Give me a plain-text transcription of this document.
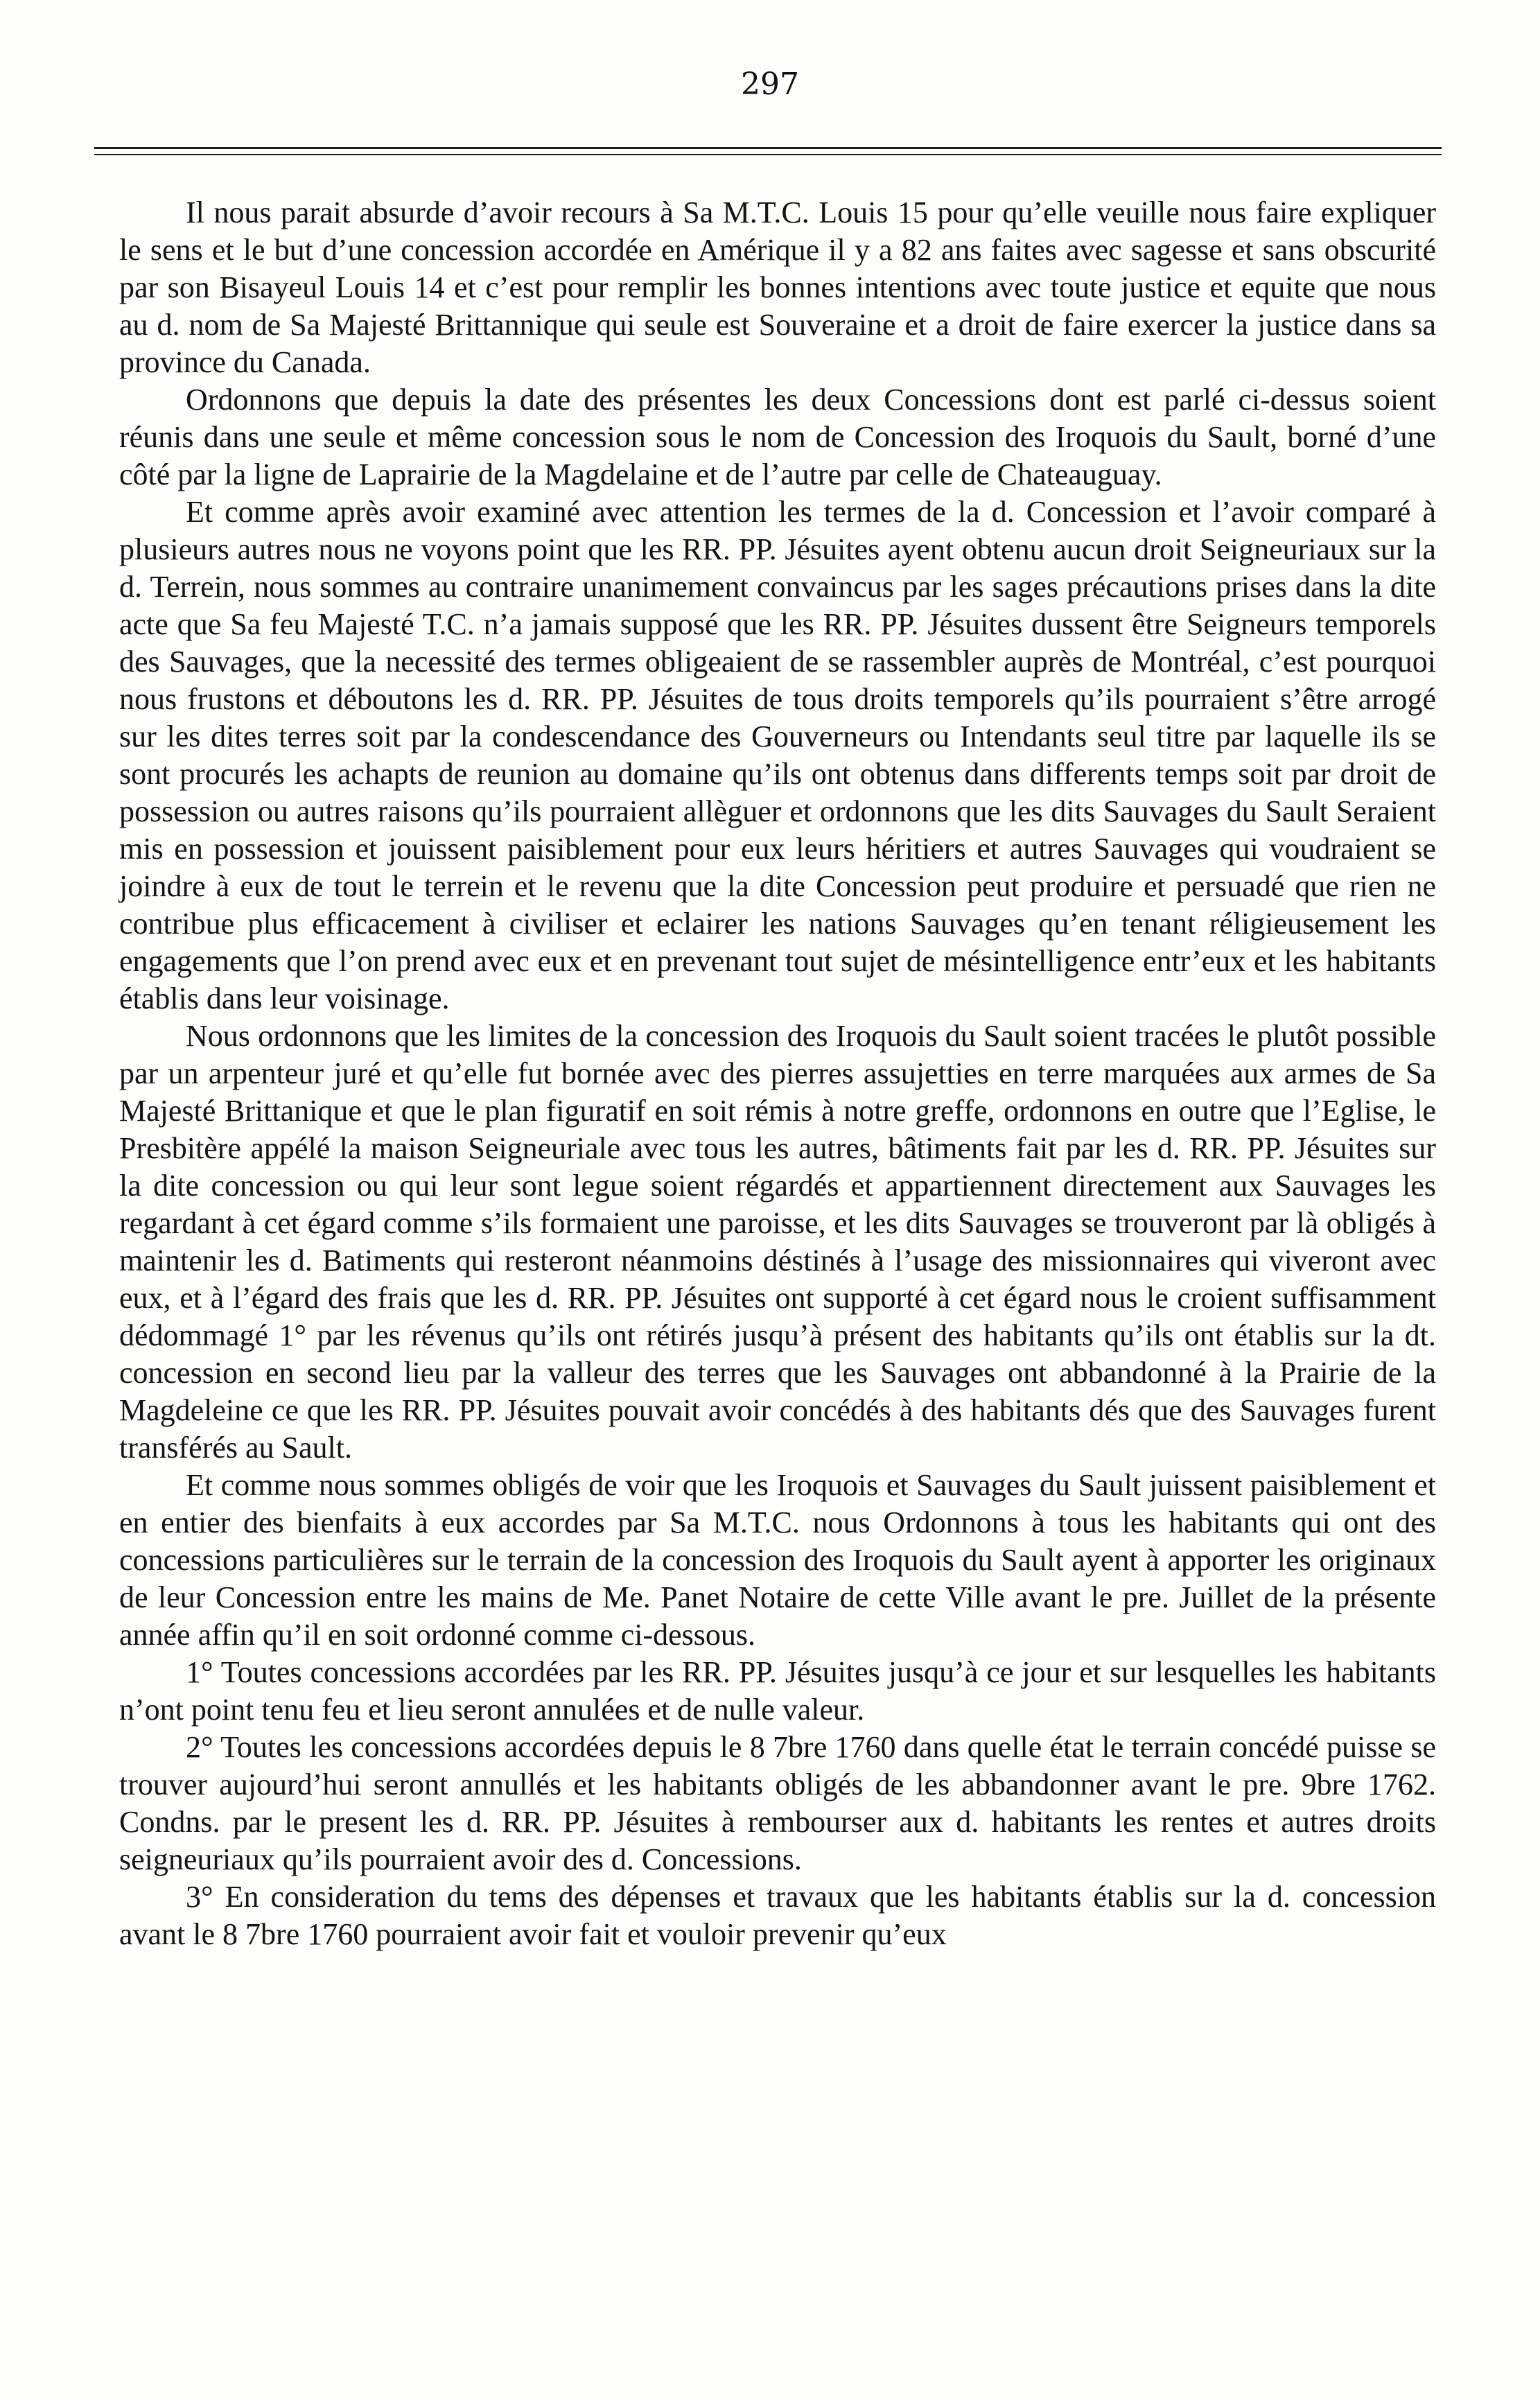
297

Il nous parait absurde d’avoir recours à Sa M.T.C. Louis 15 pour qu’elle veuille nous faire expliquer le sens et le but d’une concession accordée en Amérique il y a 82 ans faites avec sagesse et sans obscurité par son Bisayeul Louis 14 et c’est pour remplir les bonnes intentions avec toute justice et equite que nous au d. nom de Sa Majesté Brittannique qui seule est Souveraine et a droit de faire exercer la justice dans sa province du Canada.

Ordonnons que depuis la date des présentes les deux Concessions dont est parlé ci-dessus soient réunis dans une seule et même concession sous le nom de Concession des Iroquois du Sault, borné d’une côté par la ligne de Laprairie de la Magdelaine et de l’autre par celle de Chateauguay.

Et comme après avoir examiné avec attention les termes de la d. Concession et l’avoir comparé à plusieurs autres nous ne voyons point que les RR. PP. Jésuites ayent obtenu aucun droit Seigneuriaux sur la d. Terrein, nous sommes au contraire unanimement convaincus par les sages précautions prises dans la dite acte que Sa feu Majesté T.C. n’a jamais supposé que les RR. PP. Jésuites dussent être Seigneurs temporels des Sauvages, que la necessité des termes obligeaient de se rassembler auprès de Montréal, c’est pourquoi nous frustons et déboutons les d. RR. PP. Jésuites de tous droits temporels qu’ils pourraient s’être arrogé sur les dites terres soit par la condescendance des Gouverneurs ou Intendants seul titre par laquelle ils se sont procurés les achapts de reunion au domaine qu’ils ont obtenus dans differents temps soit par droit de possession ou autres raisons qu’ils pourraient allèguer et ordonnons que les dits Sauvages du Sault Seraient mis en possession et jouissent paisiblement pour eux leurs héritiers et autres Sauvages qui voudraient se joindre à eux de tout le terrein et le revenu que la dite Concession peut produire et persuadé que rien ne contribue plus efficacement à civiliser et eclairer les nations Sauvages qu’en tenant réligieusement les engagements que l’on prend avec eux et en prevenant tout sujet de mésintelligence entr’eux et les habitants établis dans leur voisinage.

Nous ordonnons que les limites de la concession des Iroquois du Sault soient tracées le plutôt possible par un arpenteur juré et qu’elle fut bornée avec des pierres assujetties en terre marquées aux armes de Sa Majesté Brittanique et que le plan figuratif en soit rémis à notre greffe, ordonnons en outre que l’Eglise, le Presbitère appélé la maison Seigneuriale avec tous les autres, bâtiments fait par les d. RR. PP. Jésuites sur la dite concession ou qui leur sont legue soient régardés et appartiennent directement aux Sauvages les regardant à cet égard comme s’ils formaient une paroisse, et les dits Sauvages se trouveront par là obligés à maintenir les d. Batiments qui resteront néanmoins déstinés à l’usage des missionnaires qui viveront avec eux, et à l’égard des frais que les d. RR. PP. Jésuites ont supporté à cet égard nous le croient suffisamment dédommagé 1° par les révenus qu’ils ont rétirés jusqu’à présent des habitants qu’ils ont établis sur la dt. concession en second lieu par la valleur des terres que les Sauvages ont abbandonné à la Prairie de la Magdeleine ce que les RR. PP. Jésuites pouvait avoir concédés à des habitants dés que des Sauvages furent transférés au Sault.

Et comme nous sommes obligés de voir que les Iroquois et Sauvages du Sault juissent paisiblement et en entier des bienfaits à eux accordes par Sa M.T.C. nous Ordonnons à tous les habitants qui ont des concessions particulières sur le terrain de la concession des Iroquois du Sault ayent à apporter les originaux de leur Concession entre les mains de Me. Panet Notaire de cette Ville avant le pre. Juillet de la présente année affin qu’il en soit ordonné comme ci-dessous.

1° Toutes concessions accordées par les RR. PP. Jésuites jusqu’à ce jour et sur lesquelles les habitants n’ont point tenu feu et lieu seront annulées et de nulle valeur.

2° Toutes les concessions accordées depuis le 8 7bre 1760 dans quelle état le terrain concédé puisse se trouver aujourd’hui seront annullés et les habitants obligés de les abbandonner avant le pre. 9bre 1762. Condns. par le present les d. RR. PP. Jésuites à rembourser aux d. habitants les rentes et autres droits seigneuriaux qu’ils pourraient avoir des d. Concessions.

3° En consideration du tems des dépenses et travaux que les habitants établis sur la d. concession avant le 8 7bre 1760 pourraient avoir fait et vouloir prevenir qu’eux
